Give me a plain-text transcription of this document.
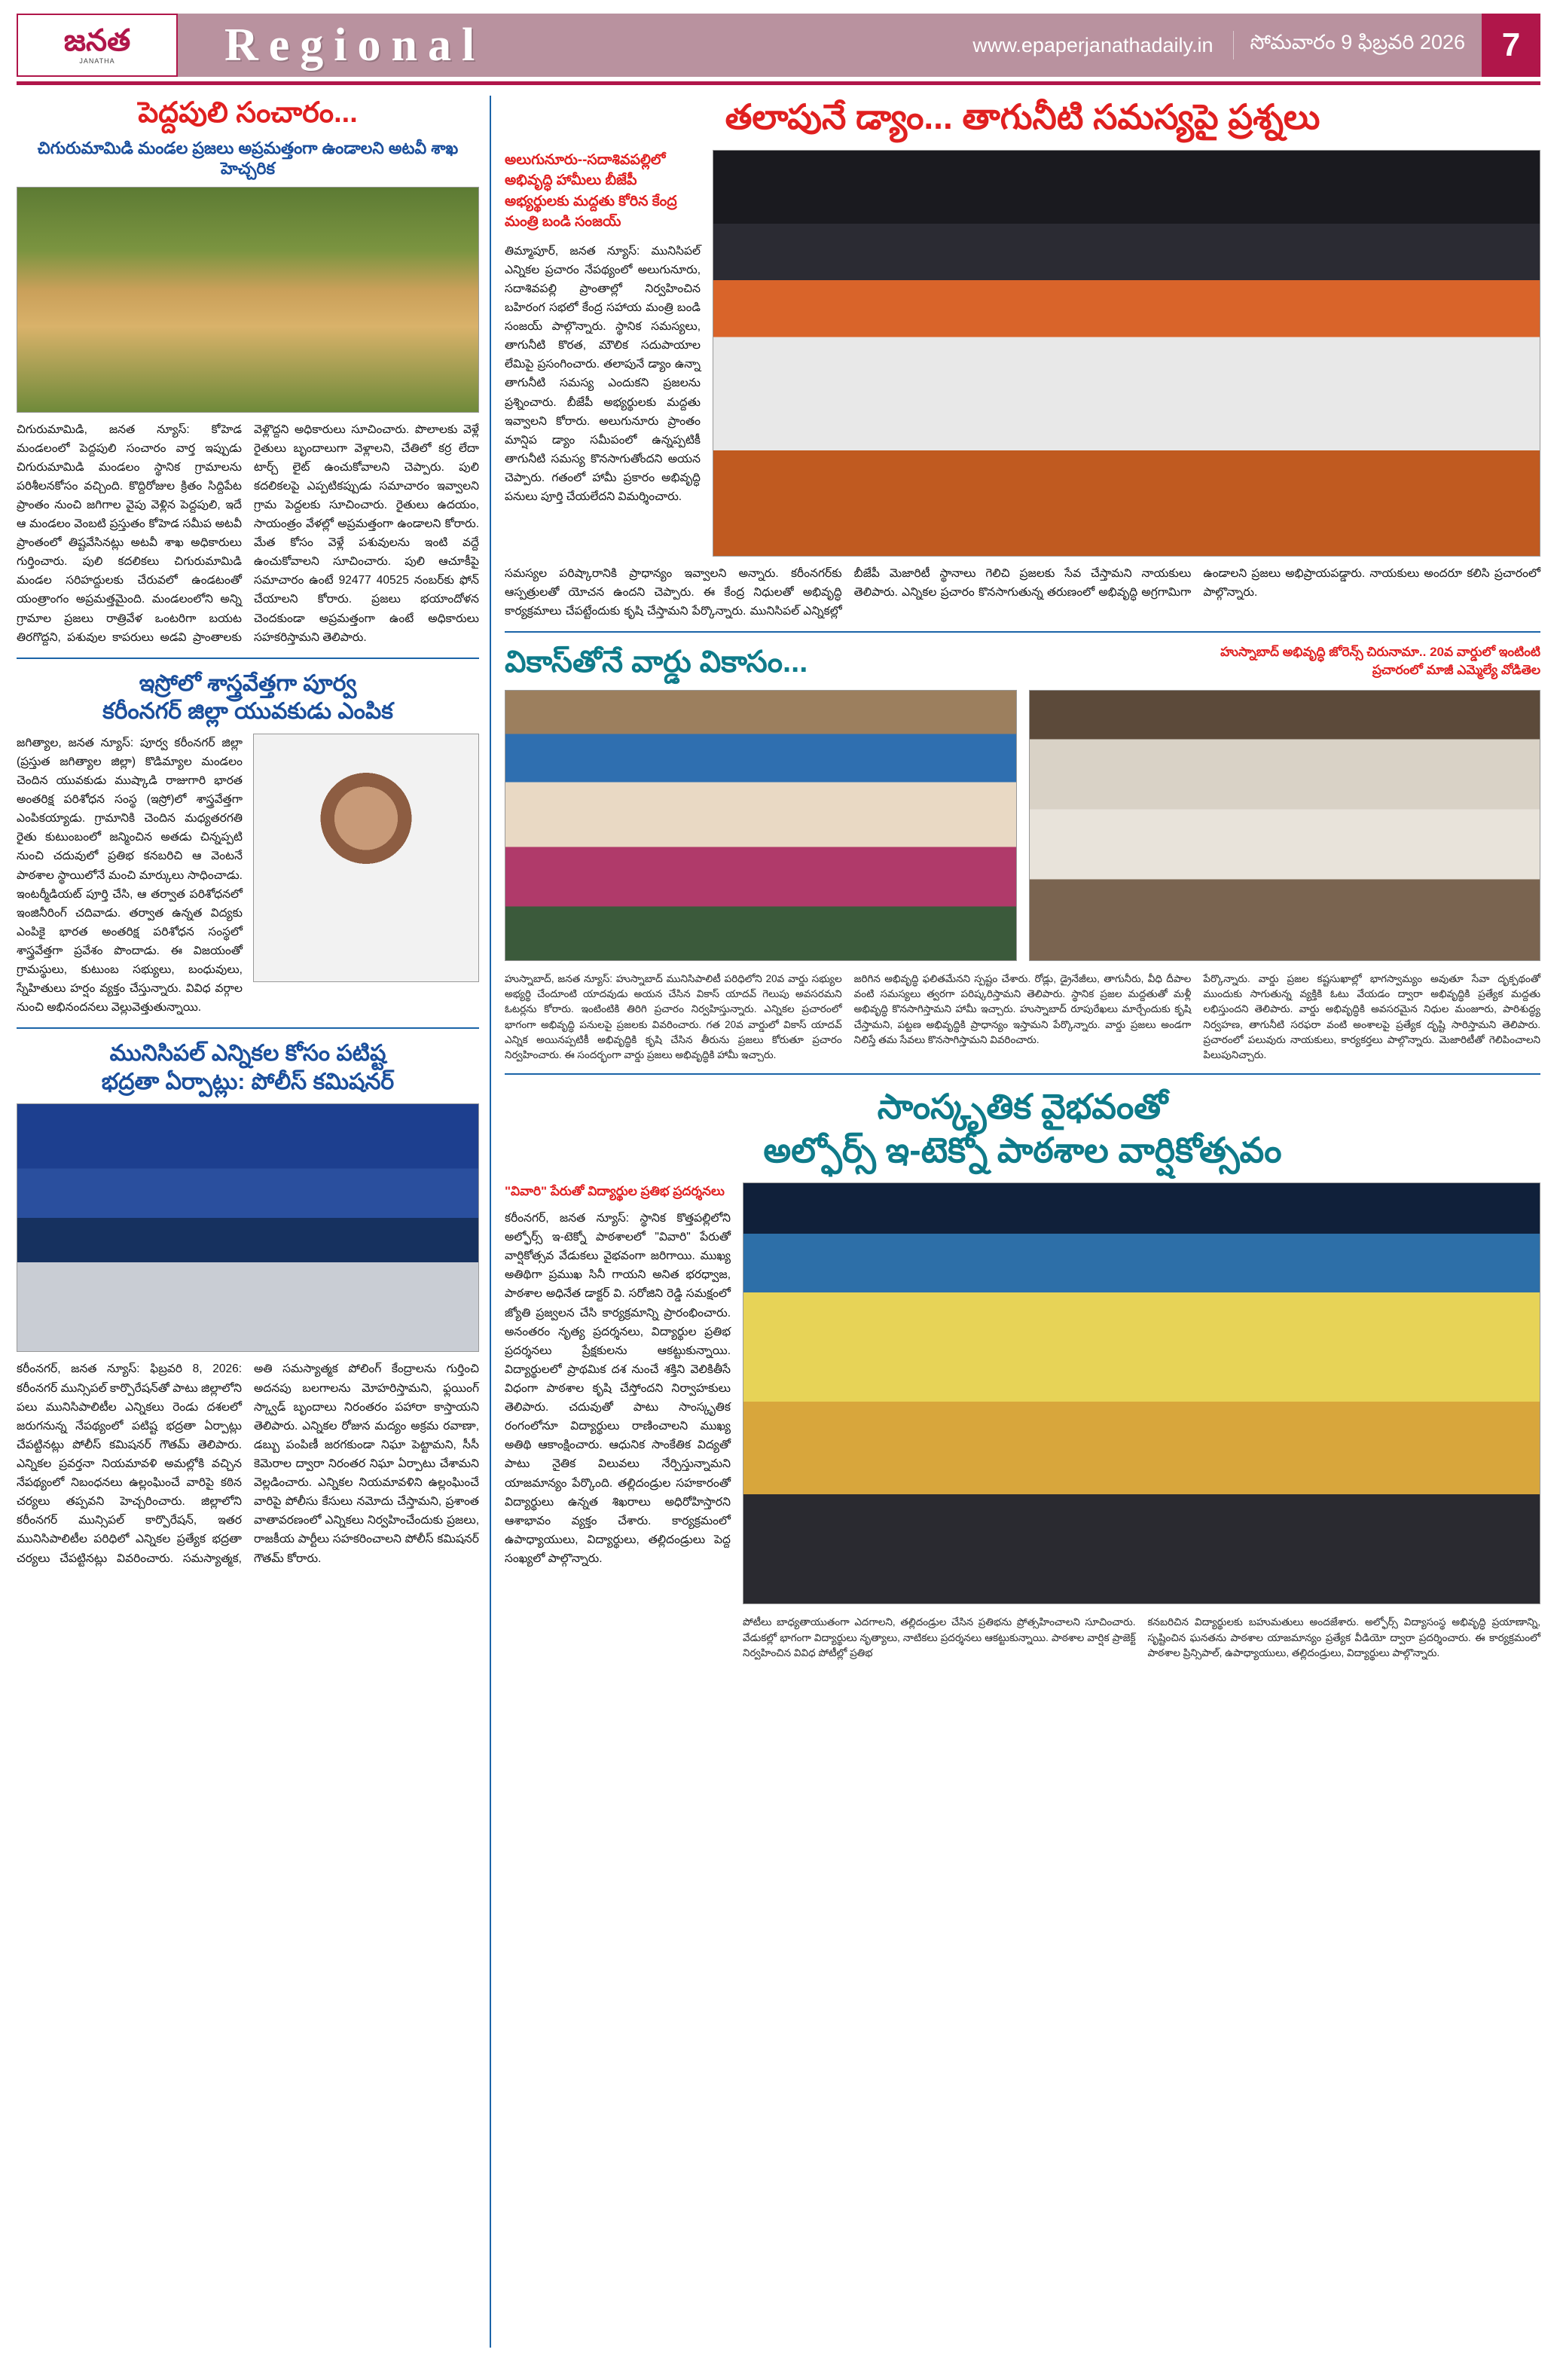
జనత
JANATHA	Regional	www.epaperjanathadaily.in	సోమవారం 9 ఫిబ్రవరి 2026	7
పెద్దపులి సంచారం...
చిగురుమామిడి మండల ప్రజలు అప్రమత్తంగా ఉండాలని అటవీ శాఖ హెచ్చరిక
చిగురుమామిడి, జనత న్యూస్: కోహెడ మండలంలో పెద్దపులి సంచారం వార్త ఇప్పుడు చిగురుమామిడి మండలం స్థానిక గ్రామాలను పరిశీలనకోసం వచ్చింది. కొద్దిరోజుల క్రితం సిద్దిపేట ప్రాంతం నుంచి జగిగాల వైపు వెళ్లిన పెద్దపులి, ఇదే ఆ మండలం వెంబటి ప్రస్తుతం కోహెడ సమీప అటవీ ప్రాంతంలో తిష్టవేసినట్లు అటవీ శాఖ అధికారులు గుర్తించారు. పులి కదలికలు చిగురుమామిడి మండల సరిహద్దులకు చేరువలో ఉండటంతో యంత్రాంగం అప్రమత్తమైంది. మండలంలోని అన్ని గ్రామాల ప్రజలు రాత్రివేళ ఒంటరిగా బయట తిరగొద్దని, పశువుల కాపరులు అడవి ప్రాంతాలకు వెళ్లొద్దని అధికారులు సూచించారు. పొలాలకు వెళ్లే రైతులు బృందాలుగా వెళ్లాలని, చేతిలో కర్ర లేదా టార్చ్ లైట్ ఉంచుకోవాలని చెప్పారు. పులి కదలికలపై ఎప్పటికప్పుడు సమాచారం ఇవ్వాలని గ్రామ పెద్దలకు సూచించారు. రైతులు ఉదయం, సాయంత్రం వేళల్లో అప్రమత్తంగా ఉండాలని కోరారు. మేత కోసం వెళ్లే పశువులను ఇంటి వద్దే ఉంచుకోవాలని సూచించారు. పులి ఆచూకీపై సమాచారం ఉంటే 92477 40525 నంబర్‌కు ఫోన్ చేయాలని కోరారు. ప్రజలు భయాందోళన చెందకుండా అప్రమత్తంగా ఉంటే అధికారులు సహకరిస్తామని తెలిపారు.
ఇస్రోలో శాస్త్రవేత్తగా పూర్వ
కరీంనగర్ జిల్లా యువకుడు ఎంపిక
జగిత్యాల, జనత న్యూస్: పూర్వ కరీంనగర్ జిల్లా (ప్రస్తుత జగిత్యాల జిల్లా) కొడిమ్యాల మండలం చెందిన యువకుడు ముష్కాడి రాజుగారి భారత అంతరిక్ష పరిశోధన సంస్థ (ఇస్రో)లో శాస్త్రవేత్తగా ఎంపికయ్యాడు. గ్రామానికి చెందిన మధ్యతరగతి రైతు కుటుంబంలో జన్మించిన అతడు చిన్నప్పటి నుంచి చదువులో ప్రతిభ కనబరిచి ఆ వెంటనే పాఠశాల స్థాయిలోనే మంచి మార్కులు సాధించాడు. ఇంటర్మీడియట్ పూర్తి చేసి, ఆ తర్వాత పరిశోధనలో ఇంజినీరింగ్ చదివాడు. తర్వాత ఉన్నత విద్యకు ఎంపికై భారత అంతరిక్ష పరిశోధన సంస్థలో శాస్త్రవేత్తగా ప్రవేశం పొందాడు. ఈ విజయంతో గ్రామస్థులు, కుటుంబ సభ్యులు, బంధువులు, స్నేహితులు హర్షం వ్యక్తం చేస్తున్నారు. వివిధ వర్గాల నుంచి అభినందనలు వెల్లువెత్తుతున్నాయి.
మునిసిపల్ ఎన్నికల కోసం పటిష్ట
భద్రతా ఏర్పాట్లు: పోలీస్ కమిషనర్
కరీంనగర్, జనత న్యూస్: ఫిబ్రవరి 8, 2026: కరీంనగర్ మున్సిపల్ కార్పొరేషన్‌తో పాటు జిల్లాలోని పలు మునిసిపాలిటీల ఎన్నికలు రెండు దశలలో జరుగనున్న నేపథ్యంలో పటిష్ట భద్రతా ఏర్పాట్లు చేపట్టినట్లు పోలీస్ కమిషనర్ గౌతమ్ తెలిపారు. ఎన్నికల ప్రవర్తనా నియమావళి అమల్లోకి వచ్చిన నేపథ్యంలో నిబంధనలు ఉల్లంఘించే వారిపై కఠిన చర్యలు తప్పవని హెచ్చరించారు. జిల్లాలోని కరీంనగర్ మున్సిపల్ కార్పొరేషన్, ఇతర మునిసిపాలిటీల పరిధిలో ఎన్నికల ప్రత్యేక భద్రతా చర్యలు చేపట్టినట్లు వివరించారు. సమస్యాత్మక, అతి సమస్యాత్మక పోలింగ్ కేంద్రాలను గుర్తించి అదనపు బలగాలను మోహరిస్తామని, ఫ్లయింగ్ స్క్వాడ్ బృందాలు నిరంతరం పహారా కాస్తాయని తెలిపారు. ఎన్నికల రోజున మద్యం అక్రమ రవాణా, డబ్బు పంపిణీ జరగకుండా నిఘా పెట్టామని, సీసీ కెమెరాల ద్వారా నిరంతర నిఘా ఏర్పాటు చేశామని వెల్లడించారు. ఎన్నికల నియమావళిని ఉల్లంఘించే వారిపై పోలీసు కేసులు నమోదు చేస్తామని, ప్రశాంత వాతావరణంలో ఎన్నికలు నిర్వహించేందుకు ప్రజలు, రాజకీయ పార్టీలు సహకరించాలని పోలీస్ కమిషనర్ గౌతమ్ కోరారు.
తలాపునే డ్యాం... తాగునీటి సమస్యపై ప్రశ్నలు
అలుగునూరు--సదాశివపల్లిలో అభివృద్ధి హామీలు బీజేపీ అభ్యర్థులకు మద్దతు కోరిన కేంద్ర మంత్రి బండి సంజయ్
తిమ్మాపూర్, జనత న్యూస్: మునిసిపల్ ఎన్నికల ప్రచారం నేపథ్యంలో అలుగునూరు, సదాశివపల్లి ప్రాంతాల్లో నిర్వహించిన బహిరంగ సభలో కేంద్ర సహాయ మంత్రి బండి సంజయ్ పాల్గొన్నారు. స్థానిక సమస్యలు, తాగునీటి కొరత, మౌలిక సదుపాయాల లేమిపై ప్రసంగించారు. తలాపునే డ్యాం ఉన్నా తాగునీటి సమస్య ఎందుకని ప్రజలను ప్రశ్నించారు. బీజేపీ అభ్యర్థులకు మద్దతు ఇవ్వాలని కోరారు. అలుగునూరు ప్రాంతం మాన్షిప డ్యాం సమీపంలో ఉన్నప్పటికీ తాగునీటి సమస్య కొనసాగుతోందని అయన చెప్పారు. గతంలో హామీ ప్రకారం అభివృద్ధి పనులు పూర్తి చేయలేదని విమర్శించారు.
సమస్యల పరిష్కారానికి ప్రాధాన్యం ఇవ్వాలని అన్నారు. కరీంనగర్‌కు ఆస్పత్రులతో యోచన ఉందని చెప్పారు. ఈ కేంద్ర నిధులతో అభివృద్ధి కార్యక్రమాలు చేపట్టేందుకు కృషి చేస్తామని పేర్కొన్నారు. మునిసిపల్ ఎన్నికల్లో బీజేపీ మెజారిటీ స్థానాలు గెలిచి ప్రజలకు సేవ చేస్తామని నాయకులు తెలిపారు. ఎన్నికల ప్రచారం కొనసాగుతున్న తరుణంలో అభివృద్ధి అగ్రగామిగా ఉండాలని ప్రజలు అభిప్రాయపడ్డారు. నాయకులు అందరూ కలిసి ప్రచారంలో పాల్గొన్నారు.
వికాస్‌తోనే వార్డు వికాసం...	హుస్నాబాద్ అభివృద్ధి జోరెన్స్ చిరునామా.. 20వ వార్డులో ఇంటింటి ప్రచారంలో మాజీ ఎమ్మెల్యే వోడితెల
హుస్నాబాద్, జనత న్యూస్: హుస్నాబాద్ మునిసిపాలిటీ పరిధిలోని 20వ వార్డు సభ్యుల అభ్యర్థి చేందూంటి యాదవుడు అయన చేసిన వికాస్ యాదవ్ గెలుపు అవసరమని ఓటర్లను కోరారు. ఇంటింటికి తిరిగి ప్రచారం నిర్వహిస్తున్నారు. ఎన్నికల ప్రచారంలో భాగంగా అభివృద్ధి పనులపై ప్రజలకు వివరించారు. గత 20వ వార్డులో వికాస్ యాదవ్ ఎన్నిక అయినప్పటికీ అభివృద్ధికి కృషి చేసిన తీరును ప్రజలు కోరుతూ ప్రచారం నిర్వహించారు. ఈ సందర్భంగా వార్డు ప్రజలు అభివృద్ధికి హామీ ఇచ్చారు.
జరిగిన అభివృద్ధి ఫలితమేనని స్పష్టం చేశారు. రోడ్లు, డ్రైనేజీలు, తాగునీరు, వీధి దీపాల వంటి సమస్యలు త్వరగా పరిష్కరిస్తామని తెలిపారు. స్థానిక ప్రజల మద్దతుతో మళ్లీ అభివృద్ధి కొనసాగిస్తామని హామీ ఇచ్చారు. హుస్నాబాద్ రూపురేఖలు మార్చేందుకు కృషి చేస్తామని, పట్టణ అభివృద్ధికి ప్రాధాన్యం ఇస్తామని పేర్కొన్నారు. వార్డు ప్రజలు అండగా నిలిస్తే తమ సేవలు కొనసాగిస్తామని వివరించారు.
పేర్కొన్నారు. వార్డు ప్రజల కష్టసుఖాల్లో భాగస్వామ్యం అవుతూ సేవా దృక్పథంతో ముందుకు సాగుతున్న వ్యక్తికి ఓటు వేయడం ద్వారా అభివృద్ధికి ప్రత్యేక మద్దతు లభిస్తుందని తెలిపారు. వార్డు అభివృద్ధికి అవసరమైన నిధుల మంజూరు, పారిశుద్ధ్య నిర్వహణ, తాగునీటి సరఫరా వంటి అంశాలపై ప్రత్యేక దృష్టి సారిస్తామని తెలిపారు. ప్రచారంలో పలువురు నాయకులు, కార్యకర్తలు పాల్గొన్నారు. మెజారిటీతో గెలిపించాలని పిలుపునిచ్చారు.
సాంస్కృతిక వైభవంతో
అల్ఫోర్స్ ఇ-టెక్నో పాఠశాల వార్షికోత్సవం
"వివారి" పేరుతో విద్యార్థుల ప్రతిభ ప్రదర్శనలు
కరీంనగర్, జనత న్యూస్: స్థానిక కొత్తపల్లిలోని అల్ఫోర్స్ ఇ-టెక్నో పాఠశాలలో "వివారి" పేరుతో వార్షికోత్సవ వేడుకలు వైభవంగా జరిగాయి. ముఖ్య అతిథిగా ప్రముఖ సినీ గాయని అనిత భరధ్వాజ, పాఠశాల అధినేత డాక్టర్ వి. సరోజిని రెడ్డి సమక్షంలో జ్యోతి ప్రజ్వలన చేసి కార్యక్రమాన్ని ప్రారంభించారు. అనంతరం నృత్య ప్రదర్శనలు, విద్యార్థుల ప్రతిభ ప్రదర్శనలు ప్రేక్షకులను ఆకట్టుకున్నాయి. విద్యార్థులలో ప్రాథమిక దశ నుంచే శక్తిని వెలికితీసే విధంగా పాఠశాల కృషి చేస్తోందని నిర్వాహకులు తెలిపారు. చదువుతో పాటు సాంస్కృతిక రంగంలోనూ విద్యార్థులు రాణించాలని ముఖ్య అతిథి ఆకాంక్షించారు. ఆధునిక సాంకేతిక విద్యతో పాటు నైతిక విలువలు నేర్పిస్తున్నామని యాజమాన్యం పేర్కొంది. తల్లిదండ్రుల సహకారంతో విద్యార్థులు ఉన్నత శిఖరాలు అధిరోహిస్తారని ఆశాభావం వ్యక్తం చేశారు. కార్యక్రమంలో ఉపాధ్యాయులు, విద్యార్థులు, తల్లిదండ్రులు పెద్ద సంఖ్యలో పాల్గొన్నారు.
పోటీలు బాధ్యతాయుతంగా ఎదగాలని, తల్లిదండ్రుల చేసిన ప్రతిభను ప్రోత్సహించాలని సూచించారు. వేడుకల్లో భాగంగా విద్యార్థులు నృత్యాలు, నాటికలు ప్రదర్శనలు ఆకట్టుకున్నాయి. పాఠశాల వార్షిక ప్రాజెక్ట్ నిర్వహించిన వివిధ పోటీల్లో ప్రతిభ
కనబరిచిన విద్యార్థులకు బహుమతులు అందజేశారు. అల్ఫోర్స్ విద్యాసంస్థ అభివృద్ధి ప్రయాణాన్ని, సృష్టించిన ఘనతను పాఠశాల యాజమాన్యం ప్రత్యేక వీడియో ద్వారా ప్రదర్శించారు. ఈ కార్యక్రమంలో పాఠశాల ప్రిన్సిపాల్, ఉపాధ్యాయులు, తల్లిదండ్రులు, విద్యార్థులు పాల్గొన్నారు.
